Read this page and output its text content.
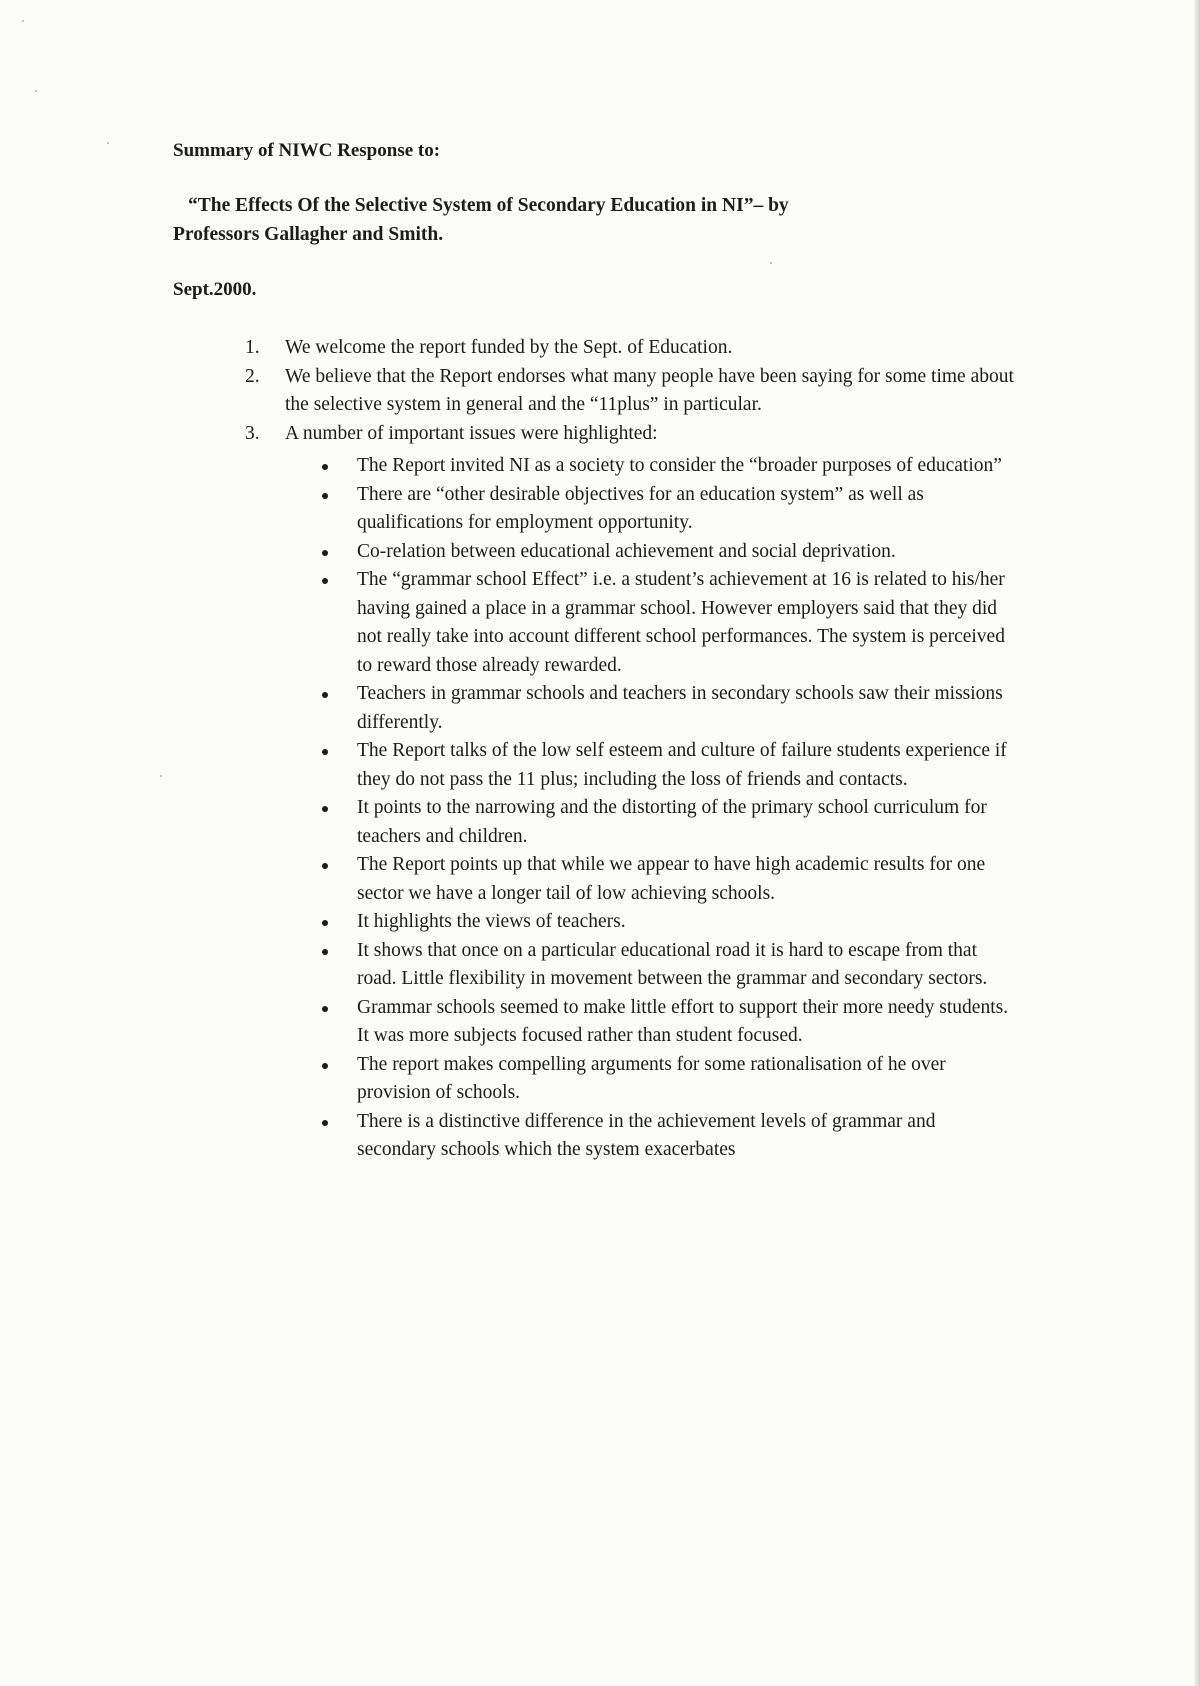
Summary of NIWC Response to:
“The Effects Of the Selective System of Secondary Education in NI”– by
Professors Gallagher and Smith.

Sept.2000.

1. We welcome the report funded by the Sept. of Education.
2. We believe that the Report endorses what many people have been saying for some time about the selective system in general and the “11plus” in particular.
3. A number of important issues were highlighted:
The Report invited NI as a society to consider the “broader purposes of education”
There are “other desirable objectives for an education system” as well as qualifications for employment opportunity.
Co-relation between educational achievement and social deprivation.
The “grammar school Effect” i.e. a student’s achievement at 16 is related to his/her having gained a place in a grammar school. However employers said that they did not really take into account different school performances. The system is perceived to reward those already rewarded.
Teachers in grammar schools and teachers in secondary schools saw their missions differently.
The Report talks of the low self esteem and culture of failure students experience if they do not pass the 11 plus; including the loss of friends and contacts.
It points to the narrowing and the distorting of the primary school curriculum for teachers and children.
The Report points up that while we appear to have high academic results for one sector we have a longer tail of low achieving schools.
It highlights the views of teachers.
It shows that once on a particular educational road it is hard to escape from that road. Little flexibility in movement between the grammar and secondary sectors.
Grammar schools seemed to make little effort to support their more needy students. It was more subjects focused rather than student focused.
The report makes compelling arguments for some rationalisation of he over provision of schools.
There is a distinctive difference in the achievement levels of grammar and secondary schools which the system exacerbates
